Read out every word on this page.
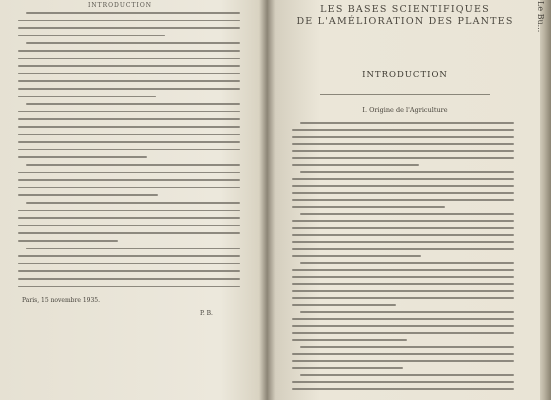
INTRODUCTION
Paris, 15 novembre 1935.
P. B.
LES BASES SCIENTIFIQUES
DE L'AMÉLIORATION DES PLANTES
INTRODUCTION
I. Origine de l'Agriculture
Le Bu...
